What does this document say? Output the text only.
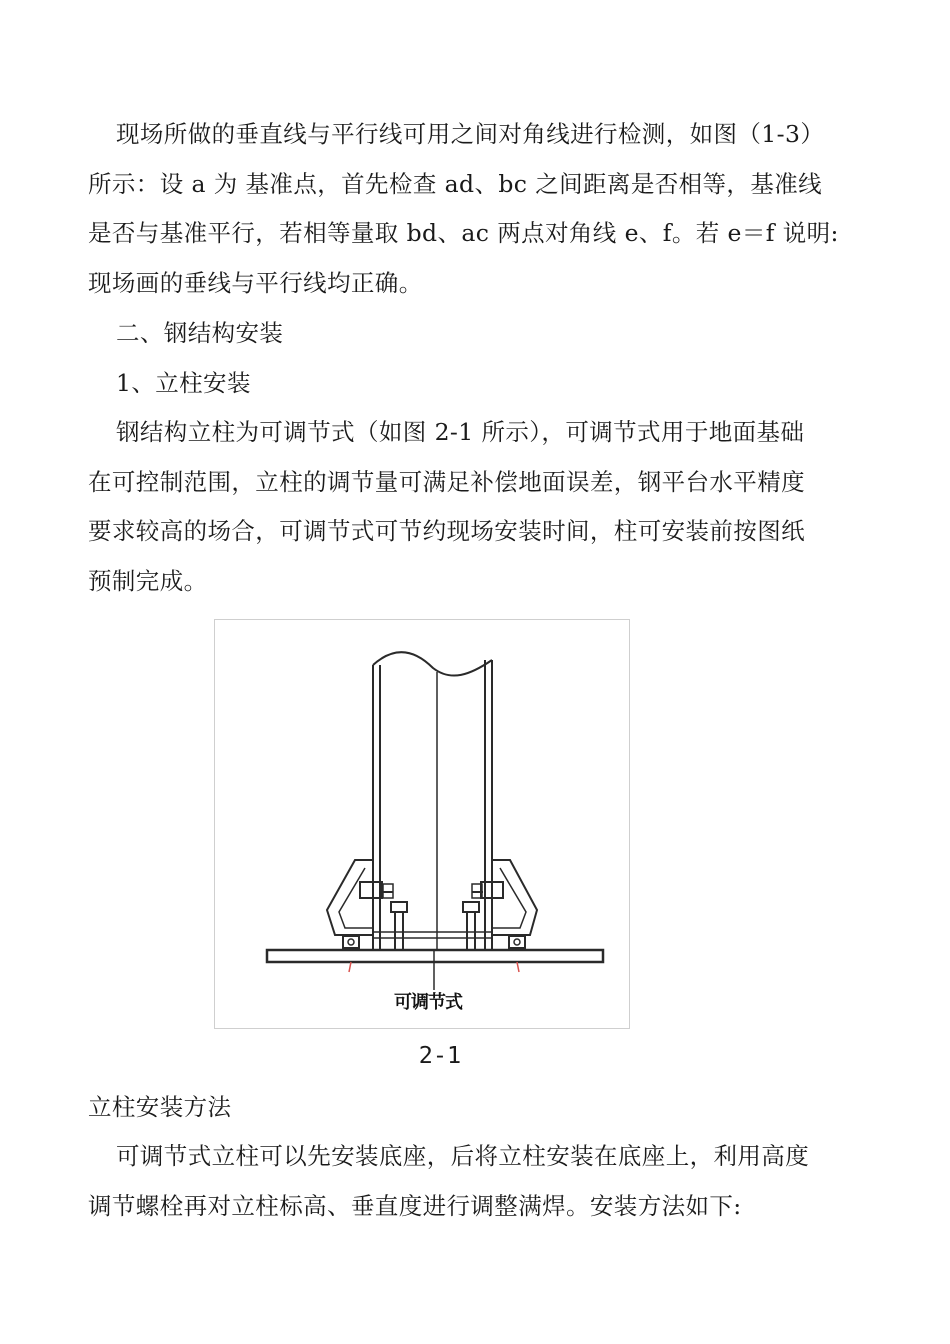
现场所做的垂直线与平行线可用之间对角线进行检测，如图（1-3）
所示：设 a 为 基准点，首先检查 ad、bc 之间距离是否相等，基准线
是否与基准平行，若相等量取 bd、ac 两点对角线 e、f。若 e＝f 说明:
现场画的垂线与平行线均正确。
二、钢结构安装
1、立柱安装
钢结构立柱为可调节式（如图 2-1 所示），可调节式用于地面基础
在可控制范围，立柱的调节量可满足补偿地面误差，钢平台水平精度
要求较高的场合，可调节式可节约现场安装时间，柱可安装前按图纸
预制完成。
可调节式
2-1
立柱安装方法
可调节式立柱可以先安装底座，后将立柱安装在底座上，利用高度
调节螺栓再对立柱标高、垂直度进行调整满焊。安装方法如下:
